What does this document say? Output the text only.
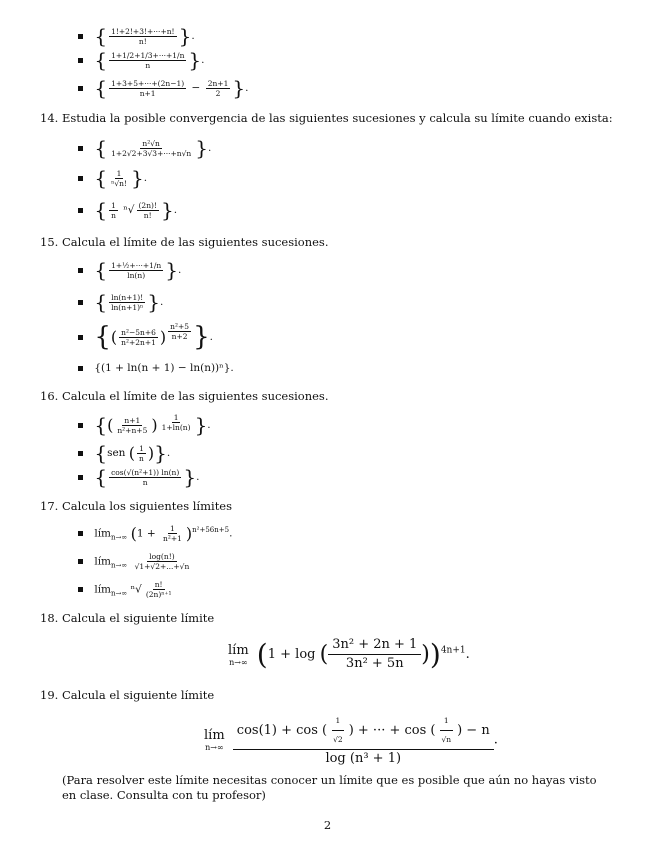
{ $\frac{1!+2!+3!+\cdot\cdot\cdot+n!}{n!}$ }.
{ $\frac{1+1/2+1/3+\cdot\cdot\cdot+1/n}{n}$ }.
{ $\frac{1+3+5+\cdot\cdot\cdot+(2n-1)}{n+1} - \frac{2n+1}{2}$ }.
14. Estudia la posible convergencia de las siguientes sucesiones y calcula su límite cuando exista:
{ $\frac{\text{n²√n}}{1+2√2+3√3+\cdot\cdot\cdot+n√n}$ }.
{ $\frac{1}{\text{ⁿ√n!}}$ }.
{ $\frac{1}{n} ^n√ \frac{(2n)!}{n!}$ }.
15. Calcula el límite de las siguientes sucesiones.
{ $\frac{\text{1+½+···+1/n}}{\ln(n)}$ }.
{ $\frac{\ln(n+1)!}{\text{ln(n+1)ⁿ}}$ }.
{( $\frac{\text{n²−5n+6}}{\text{n²+2n+1}}$ ) $\frac{\text{n²+5}}{n+2}$ }.
{(1 + ln(n + 1) − ln(n))ⁿ}.
16. Calcula el límite de las siguientes sucesiones.
{( $\frac{n+1}{\text{n²+n+5}}$ ) $\frac{1}{1+\ln(n)}$ }.
{sen ( $\frac{1}{n}$ )}.
{ $\frac{\text{cos(√(n²+1)) ln(n)}}{n}$ }.
17. Calcula los siguientes límites
lím$_{n\to\infty}$ $(1 + \frac{1}{\text{n²+1}} )^{n^2+56n+5}$.
lím$_{n\to\infty}$ $\frac{\log(n!)}{√1+√2+...+√n}$
lím$_{n\to\infty}$ $^n√ \frac{n!}{\text{(2n)ⁿ⁺¹}}$
18. Calcula el siguiente límite
lím
n→∞ (1 + log ( $\frac{\text{3n² + 2n + 1}}{\text{3n² + 5n}} ))^{4n+1}$.
19. Calcula el siguiente límite
lím
n→∞
$\frac{\cos(1) + \cos ( \frac{1}{√2} ) + \cdot\cdot\cdot + \cos ( \frac{1}{√n} ) - n}{\text{log (n³ + 1)}}$ .
(Para resolver este límite necesitas conocer un límite que es posible que aún no hayas visto en clase. Consulta con tu profesor)
2
